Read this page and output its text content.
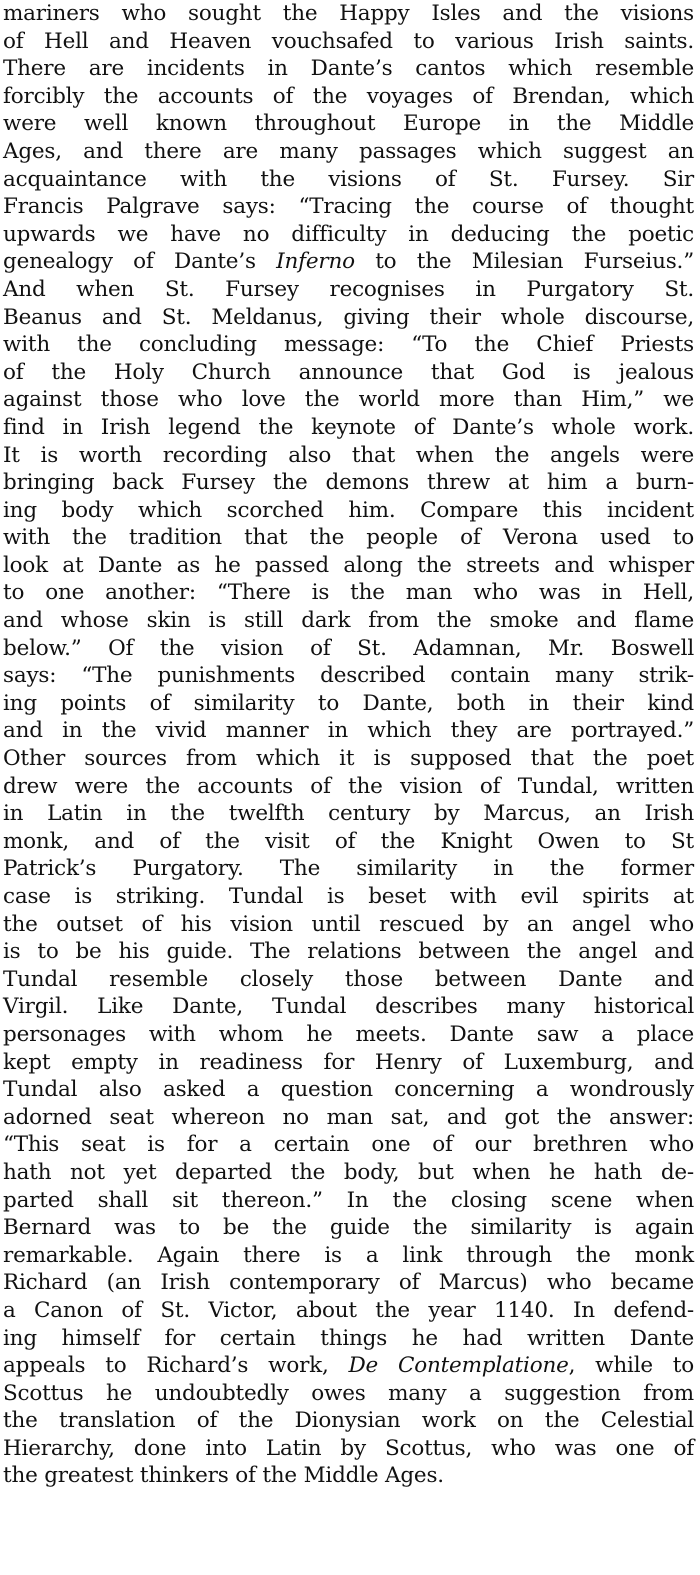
mariners who sought the Happy Isles and the visions
of Hell and Heaven vouchsafed to various Irish saints.
There are incidents in Dante’s cantos which resemble
forcibly the accounts of the voyages of Brendan, which
were well known throughout Europe in the Middle
Ages, and there are many passages which suggest an
acquaintance with the visions of St. Fursey. Sir
Francis Palgrave says: “Tracing the course of thought
upwards we have no difficulty in deducing the poetic
genealogy of Dante’s Inferno to the Milesian Furseius.”
And when St. Fursey recognises in Purgatory St.
Beanus and St. Meldanus, giving their whole discourse,
with the concluding message: “To the Chief Priests
of the Holy Church announce that God is jealous
against those who love the world more than Him,” we
find in Irish legend the keynote of Dante’s whole work.
It is worth recording also that when the angels were
bringing back Fursey the demons threw at him a burn-
ing body which scorched him. Compare this incident
with the tradition that the people of Verona used to
look at Dante as he passed along the streets and whisper
to one another: “There is the man who was in Hell,
and whose skin is still dark from the smoke and flame
below.” Of the vision of St. Adamnan, Mr. Boswell
says: “The punishments described contain many strik-
ing points of similarity to Dante, both in their kind
and in the vivid manner in which they are portrayed.”
Other sources from which it is supposed that the poet
drew were the accounts of the vision of Tundal, written
in Latin in the twelfth century by Marcus, an Irish
monk, and of the visit of the Knight Owen to St
Patrick’s Purgatory. The similarity in the former
case is striking. Tundal is beset with evil spirits at
the outset of his vision until rescued by an angel who
is to be his guide. The relations between the angel and
Tundal resemble closely those between Dante and
Virgil. Like Dante, Tundal describes many historical
personages with whom he meets. Dante saw a place
kept empty in readiness for Henry of Luxemburg, and
Tundal also asked a question concerning a wondrously
adorned seat whereon no man sat, and got the answer:
“This seat is for a certain one of our brethren who
hath not yet departed the body, but when he hath de-
parted shall sit thereon.” In the closing scene when
Bernard was to be the guide the similarity is again
remarkable. Again there is a link through the monk
Richard (an Irish contemporary of Marcus) who became
a Canon of St. Victor, about the year 1140. In defend-
ing himself for certain things he had written Dante
appeals to Richard’s work, De Contemplatione, while to
Scottus he undoubtedly owes many a suggestion from
the translation of the Dionysian work on the Celestial
Hierarchy, done into Latin by Scottus, who was one of
the greatest thinkers of the Middle Ages.
